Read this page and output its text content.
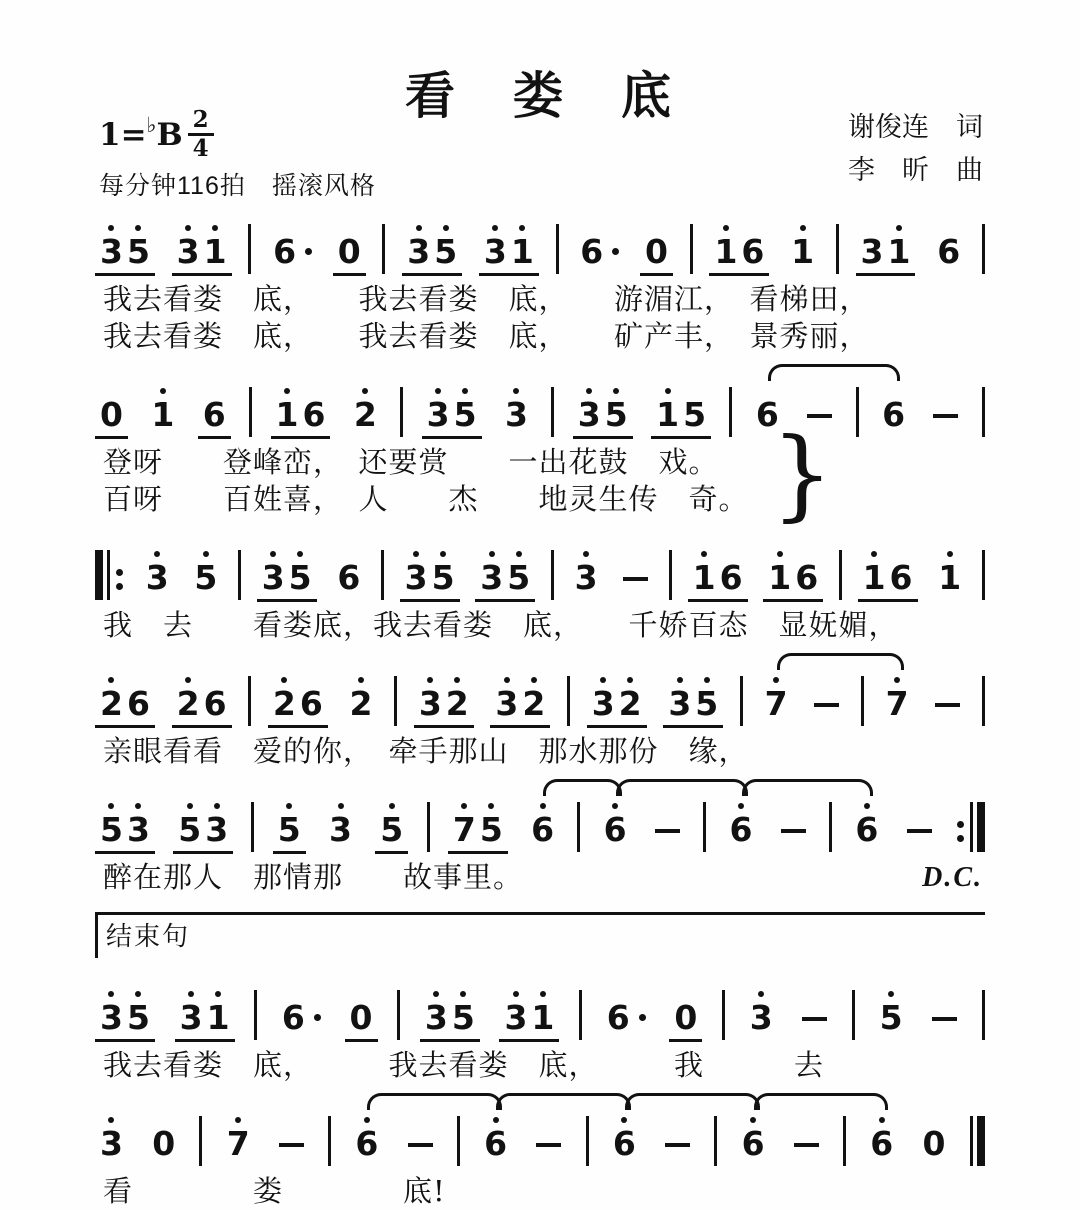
看　娄　底
1= ♭ B $\frac{2}{4}$	谢俊连　词
李　昕　曲
每分钟116拍　 摇滚风格
3 5 3 1 6 0 3 5 3 1 6 0 1 6 1 3 1 6
我去看娄　底，　　我去看娄　底，　　游湄江，　看梯田，
我去看娄　底，　　我去看娄　底，　　矿产丰，　景秀丽，
0 1 6 1 6 2 3 5 3 3 5 1 5 6	6
登呀　　登峰峦，　还要赏　　一出花鼓　戏。
百呀　　百姓喜，　人　　杰　　地灵生传　奇。 }
3 5 3 5 6 3 5 3 5 3	1 6 1 6 1 6 1
我　去　　看娄底，我去看娄　底，　　千娇百态　显妩媚，
2 6 2 6 2 6 2 3 2 3 2 3 2 3 5 7	7
亲眼看看　爱的你，　牵手那山　那水那份　缘，
5 3 5 3 5 3 5 7 5 6 6	6	6
醉在那人　那情那　　故事里。	D.C.
结束句
3 5 3 1 6 0 3 5 3 1 6 0 3	5
我去看娄　底，　　　我去看娄　底，　　　我　　　去
3 0 7	6	6	6	6	6 0
看　　　　娄　　　　底!
